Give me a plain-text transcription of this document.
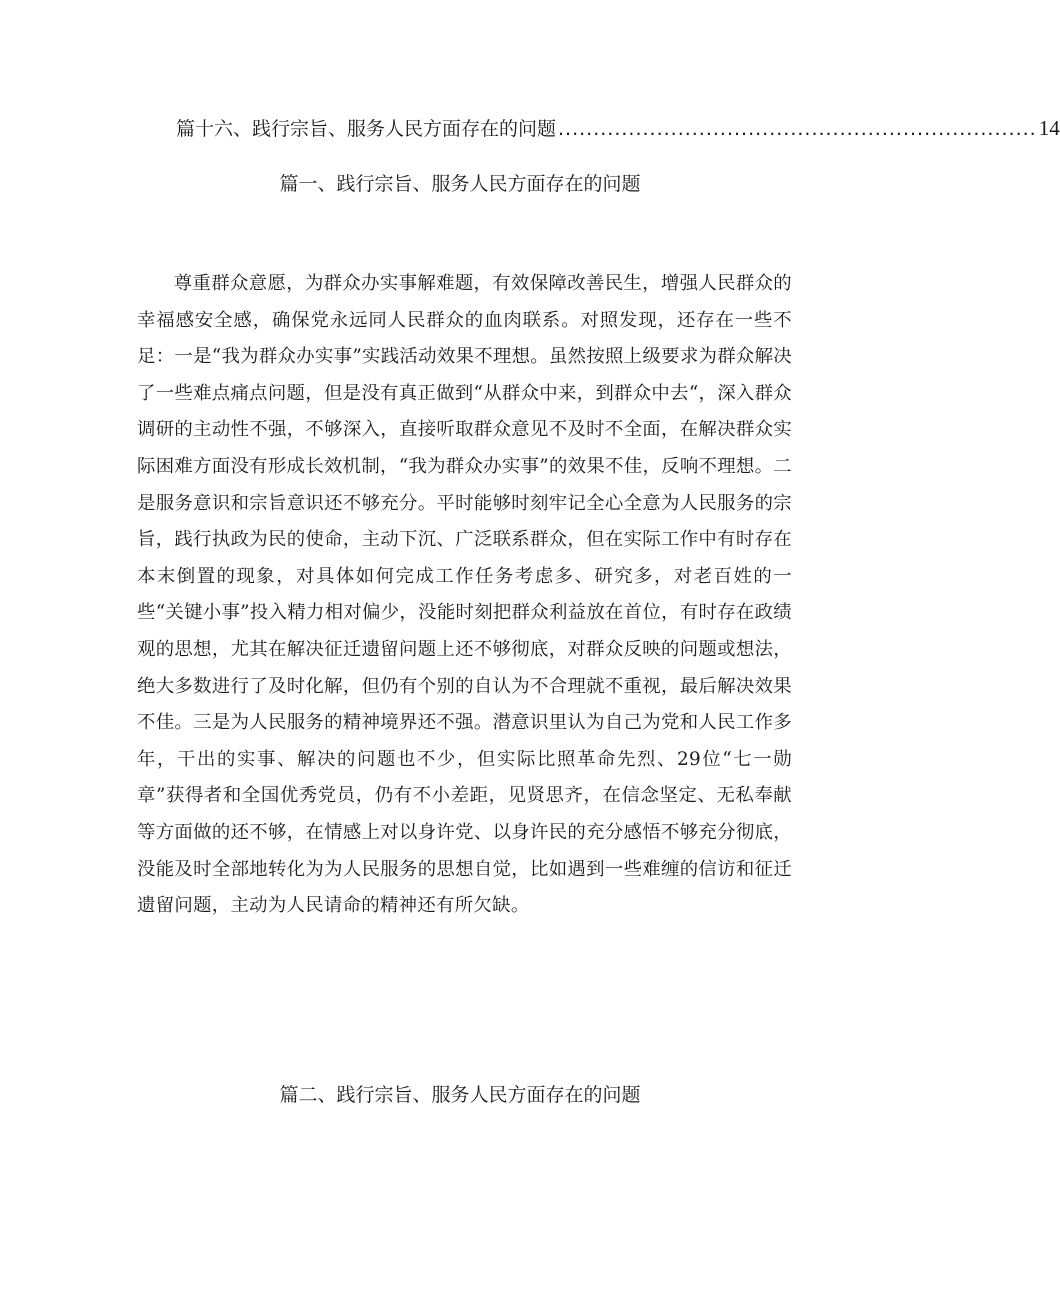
篇十六、践行宗旨、服务人民方面存在的问题 .................................................................... 14
篇一、践行宗旨、服务人民方面存在的问题

尊重群众意愿，为群众办实事解难题，有效保障改善民生，增强人民群众的幸福感安全感，确保党永远同人民群众的血肉联系。对照发现，还存在一些不足：一是“我为群众办实事”实践活动效果不理想。虽然按照上级要求为群众解决了一些难点痛点问题，但是没有真正做到“从群众中来，到群众中去“，深入群众调研的主动性不强，不够深入，直接听取群众意见不及时不全面，在解决群众实际困难方面没有形成长效机制，“我为群众办实事”的效果不佳，反响不理想。二是服务意识和宗旨意识还不够充分。平时能够时刻牢记全心全意为人民服务的宗旨，践行执政为民的使命，主动下沉、广泛联系群众，但在实际工作中有时存在本末倒置的现象，对具体如何完成工作任务考虑多、研究多，对老百姓的一些“关键小事”投入精力相对偏少，没能时刻把群众利益放在首位，有时存在政绩观的思想，尤其在解决征迁遗留问题上还不够彻底，对群众反映的问题或想法，绝大多数进行了及时化解，但仍有个别的自认为不合理就不重视，最后解决效果不佳。三是为人民服务的精神境界还不强。潜意识里认为自己为党和人民工作多年，干出的实事、解决的问题也不少，但实际比照革命先烈、29位“七一勋章”获得者和全国优秀党员，仍有不小差距，见贤思齐，在信念坚定、无私奉献等方面做的还不够，在情感上对以身许党、以身许民的充分感悟不够充分彻底，没能及时全部地转化为为人民服务的思想自觉，比如遇到一些难缠的信访和征迁遗留问题，主动为人民请命的精神还有所欠缺。

篇二、践行宗旨、服务人民方面存在的问题
